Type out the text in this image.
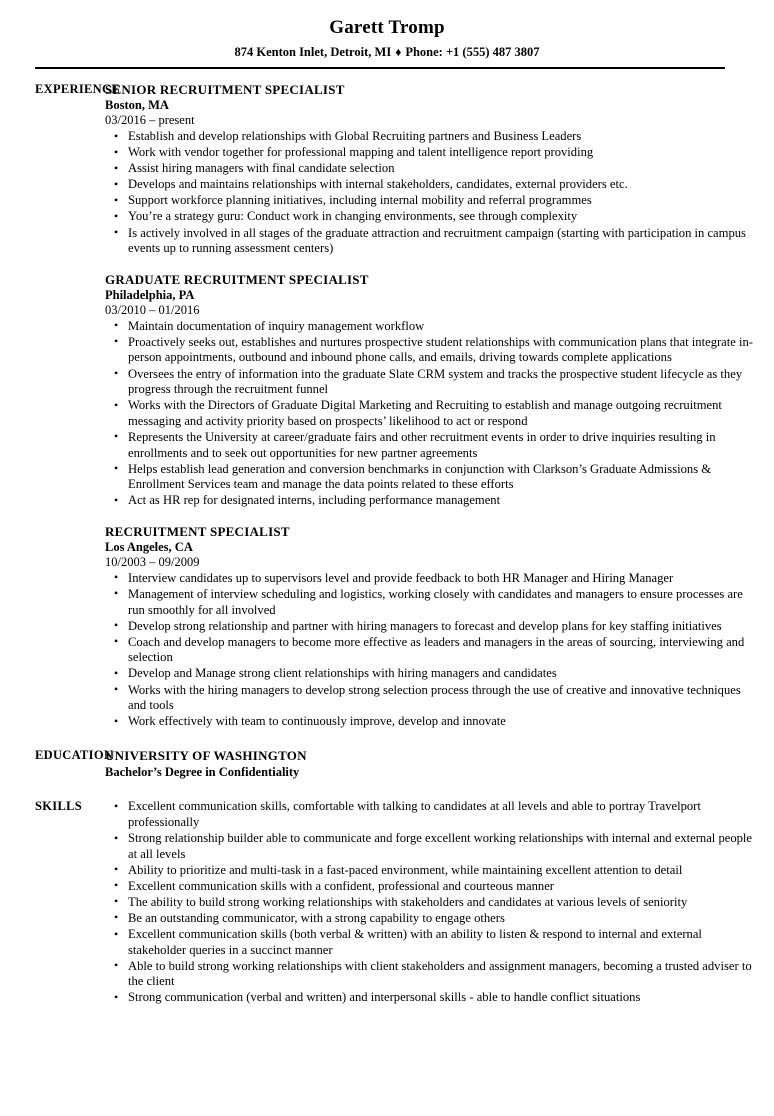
Garett Tromp
874 Kenton Inlet, Detroit, MI ♦ Phone: +1 (555) 487 3807
EXPERIENCE
SENIOR RECRUITMENT SPECIALIST
Boston, MA
03/2016 – present
• Establish and develop relationships with Global Recruiting partners and Business Leaders
• Work with vendor together for professional mapping and talent intelligence report providing
• Assist hiring managers with final candidate selection
• Develops and maintains relationships with internal stakeholders, candidates, external providers etc.
• Support workforce planning initiatives, including internal mobility and referral programmes
• You’re a strategy guru: Conduct work in changing environments, see through complexity
• Is actively involved in all stages of the graduate attraction and recruitment campaign (starting with participation in campus events up to running assessment centers)
GRADUATE RECRUITMENT SPECIALIST
Philadelphia, PA
03/2010 – 01/2016
• Maintain documentation of inquiry management workflow
• Proactively seeks out, establishes and nurtures prospective student relationships with communication plans that integrate in-person appointments, outbound and inbound phone calls, and emails, driving towards complete applications
• Oversees the entry of information into the graduate Slate CRM system and tracks the prospective student lifecycle as they progress through the recruitment funnel
• Works with the Directors of Graduate Digital Marketing and Recruiting to establish and manage outgoing recruitment messaging and activity priority based on prospects’ likelihood to act or respond
• Represents the University at career/graduate fairs and other recruitment events in order to drive inquiries resulting in enrollments and to seek out opportunities for new partner agreements
• Helps establish lead generation and conversion benchmarks in conjunction with Clarkson’s Graduate Admissions & Enrollment Services team and manage the data points related to these efforts
• Act as HR rep for designated interns, including performance management
RECRUITMENT SPECIALIST
Los Angeles, CA
10/2003 – 09/2009
• Interview candidates up to supervisors level and provide feedback to both HR Manager and Hiring Manager
• Management of interview scheduling and logistics, working closely with candidates and managers to ensure processes are run smoothly for all involved
• Develop strong relationship and partner with hiring managers to forecast and develop plans for key staffing initiatives
• Coach and develop managers to become more effective as leaders and managers in the areas of sourcing, interviewing and selection
• Develop and Manage strong client relationships with hiring managers and candidates
• Works with the hiring managers to develop strong selection process through the use of creative and innovative techniques and tools
• Work effectively with team to continuously improve, develop and innovate
EDUCATION
UNIVERSITY OF WASHINGTON
Bachelor’s Degree in Confidentiality
SKILLS	• Excellent communication skills, comfortable with talking to candidates at all levels and able to portray Travelport professionally
• Strong relationship builder able to communicate and forge excellent working relationships with internal and external people at all levels
• Ability to prioritize and multi-task in a fast-paced environment, while maintaining excellent attention to detail
• Excellent communication skills with a confident, professional and courteous manner
• The ability to build strong working relationships with stakeholders and candidates at various levels of seniority
• Be an outstanding communicator, with a strong capability to engage others
• Excellent communication skills (both verbal & written) with an ability to listen & respond to internal and external stakeholder queries in a succinct manner
• Able to build strong working relationships with client stakeholders and assignment managers, becoming a trusted adviser to the client
• Strong communication (verbal and written) and interpersonal skills - able to handle conflict situations
